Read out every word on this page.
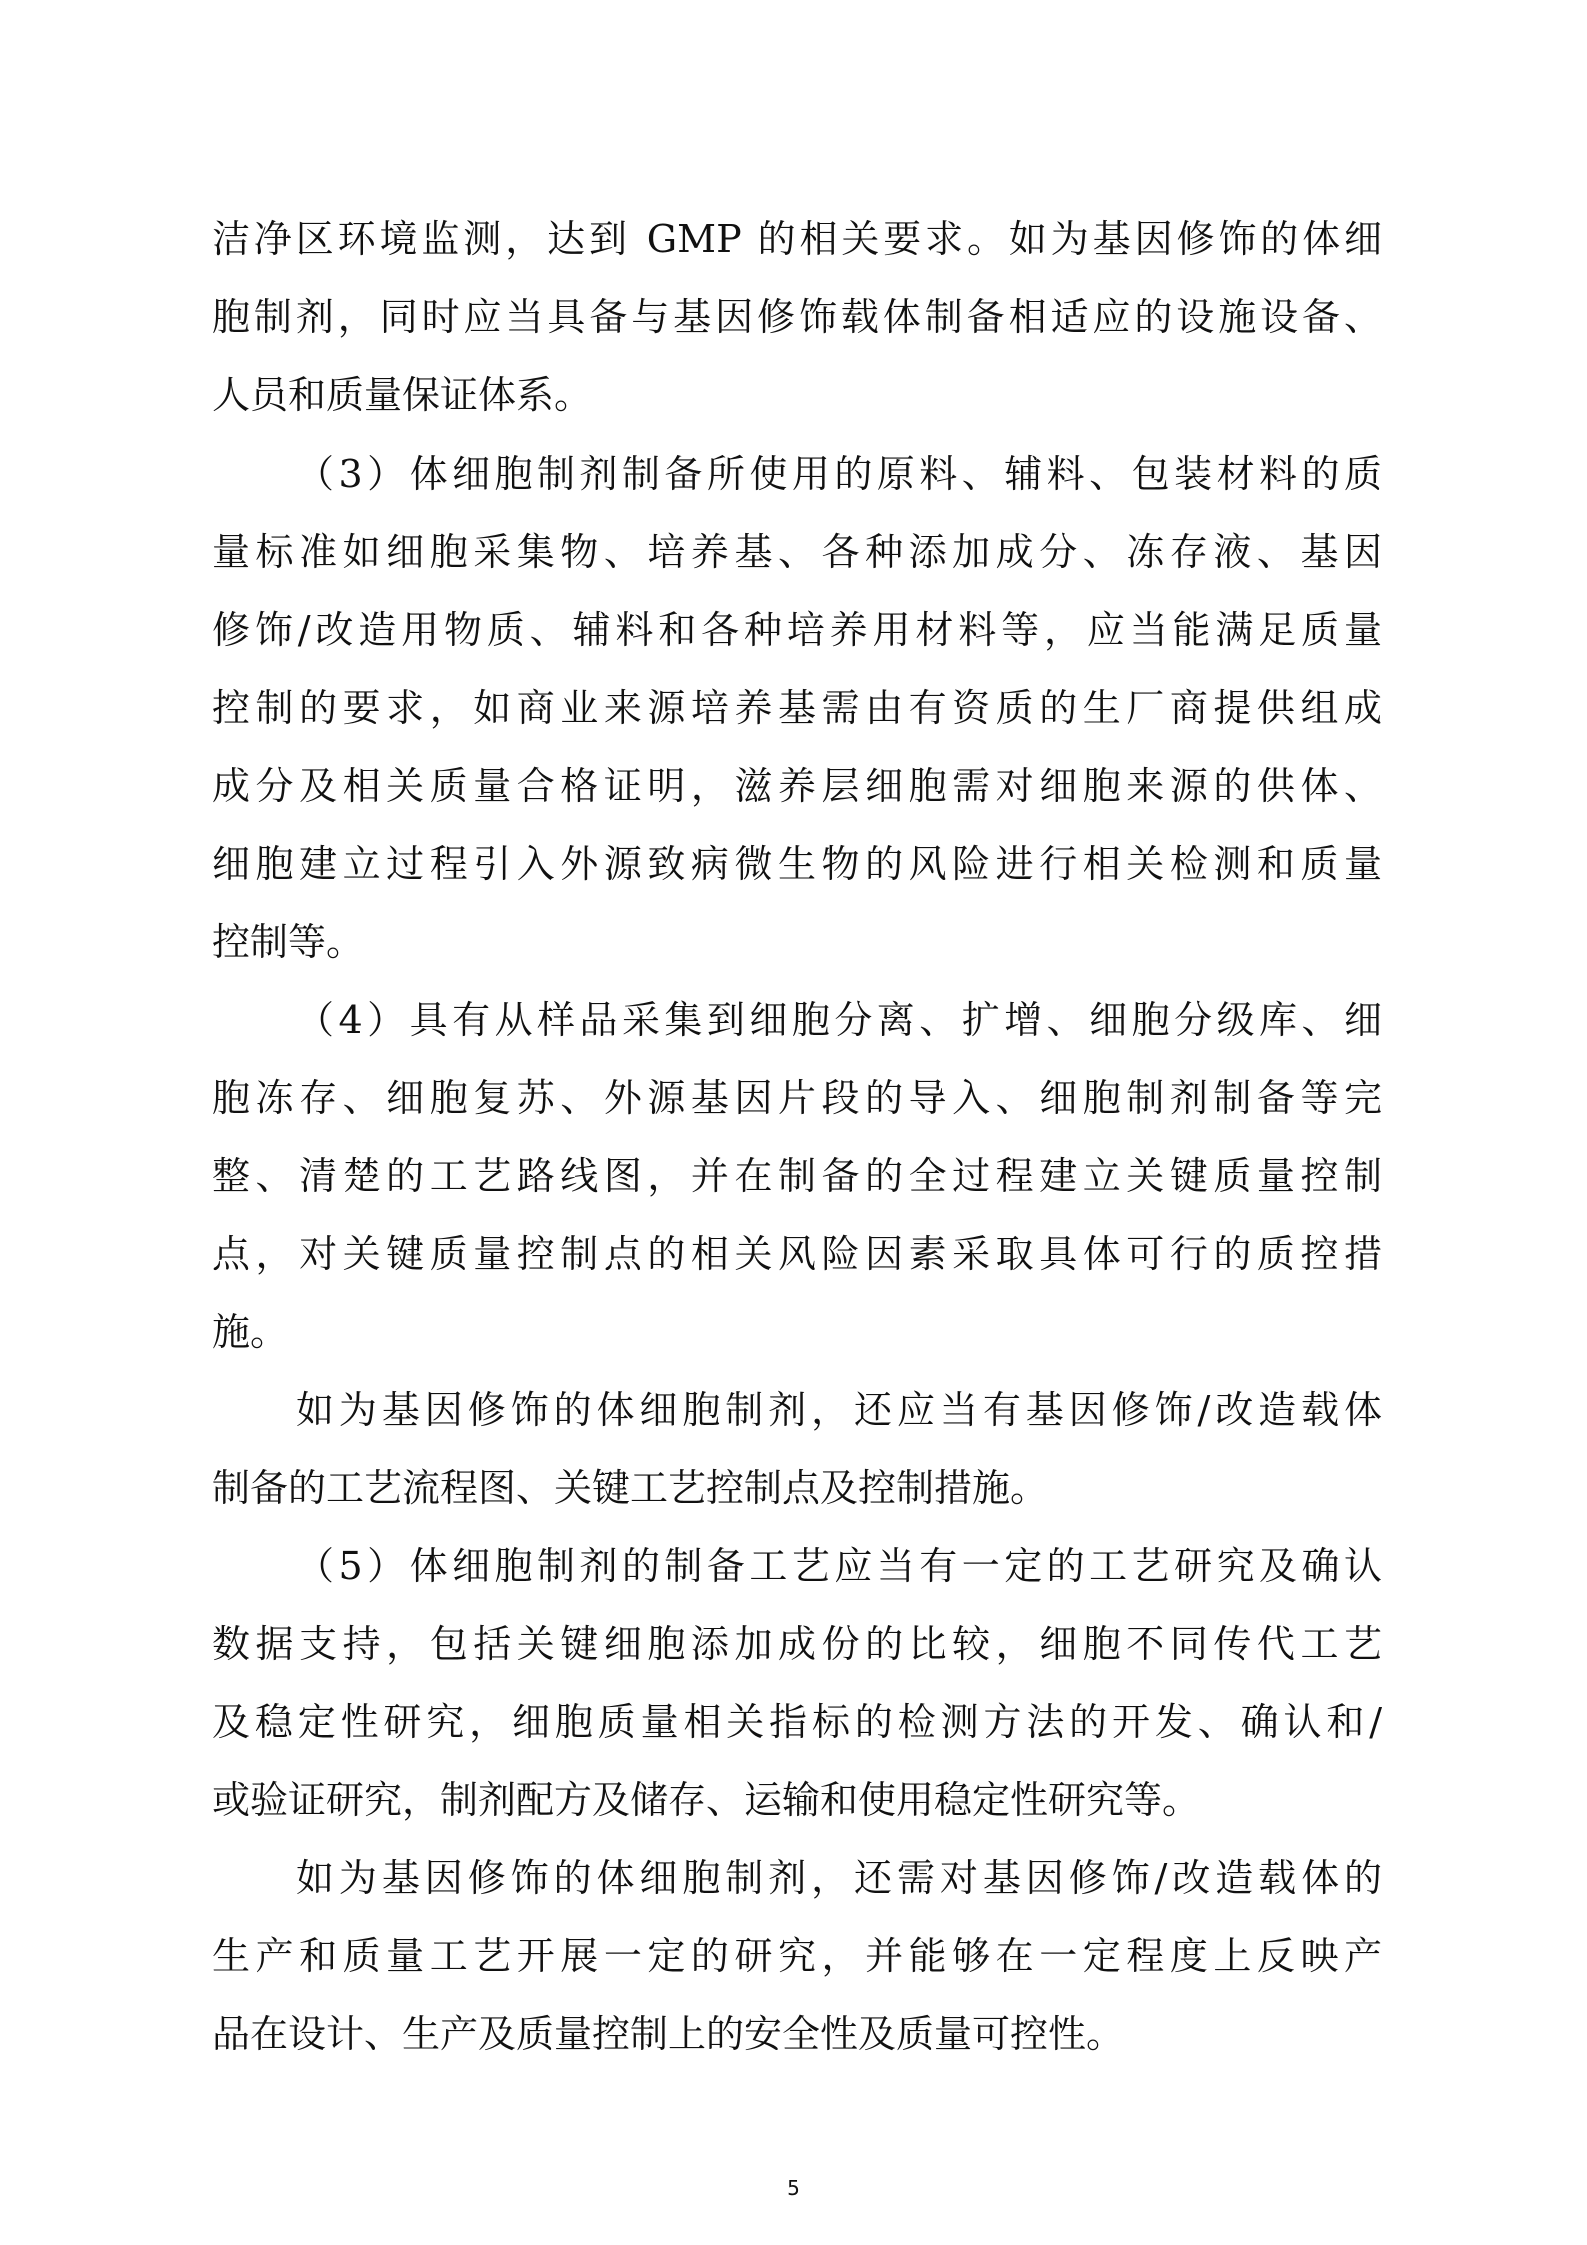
洁净区环境监测，达到 GMP 的相关要求。如为基因修饰的体细
胞制剂，同时应当具备与基因修饰载体制备相适应的设施设备、
人员和质量保证体系。
（3）体细胞制剂制备所使用的原料、辅料、包装材料的质
量标准如细胞采集物、培养基、各种添加成分、冻存液、基因
修饰/改造用物质、辅料和各种培养用材料等，应当能满足质量
控制的要求，如商业来源培养基需由有资质的生厂商提供组成
成分及相关质量合格证明，滋养层细胞需对细胞来源的供体、
细胞建立过程引入外源致病微生物的风险进行相关检测和质量
控制等。
（4）具有从样品采集到细胞分离、扩增、细胞分级库、细
胞冻存、细胞复苏、外源基因片段的导入、细胞制剂制备等完
整、清楚的工艺路线图，并在制备的全过程建立关键质量控制
点，对关键质量控制点的相关风险因素采取具体可行的质控措
施。
如为基因修饰的体细胞制剂，还应当有基因修饰/改造载体
制备的工艺流程图、关键工艺控制点及控制措施。
（5）体细胞制剂的制备工艺应当有一定的工艺研究及确认
数据支持，包括关键细胞添加成份的比较，细胞不同传代工艺
及稳定性研究，细胞质量相关指标的检测方法的开发、确认和/
或验证研究，制剂配方及储存、运输和使用稳定性研究等。
如为基因修饰的体细胞制剂，还需对基因修饰/改造载体的
生产和质量工艺开展一定的研究，并能够在一定程度上反映产
品在设计、生产及质量控制上的安全性及质量可控性。
5
